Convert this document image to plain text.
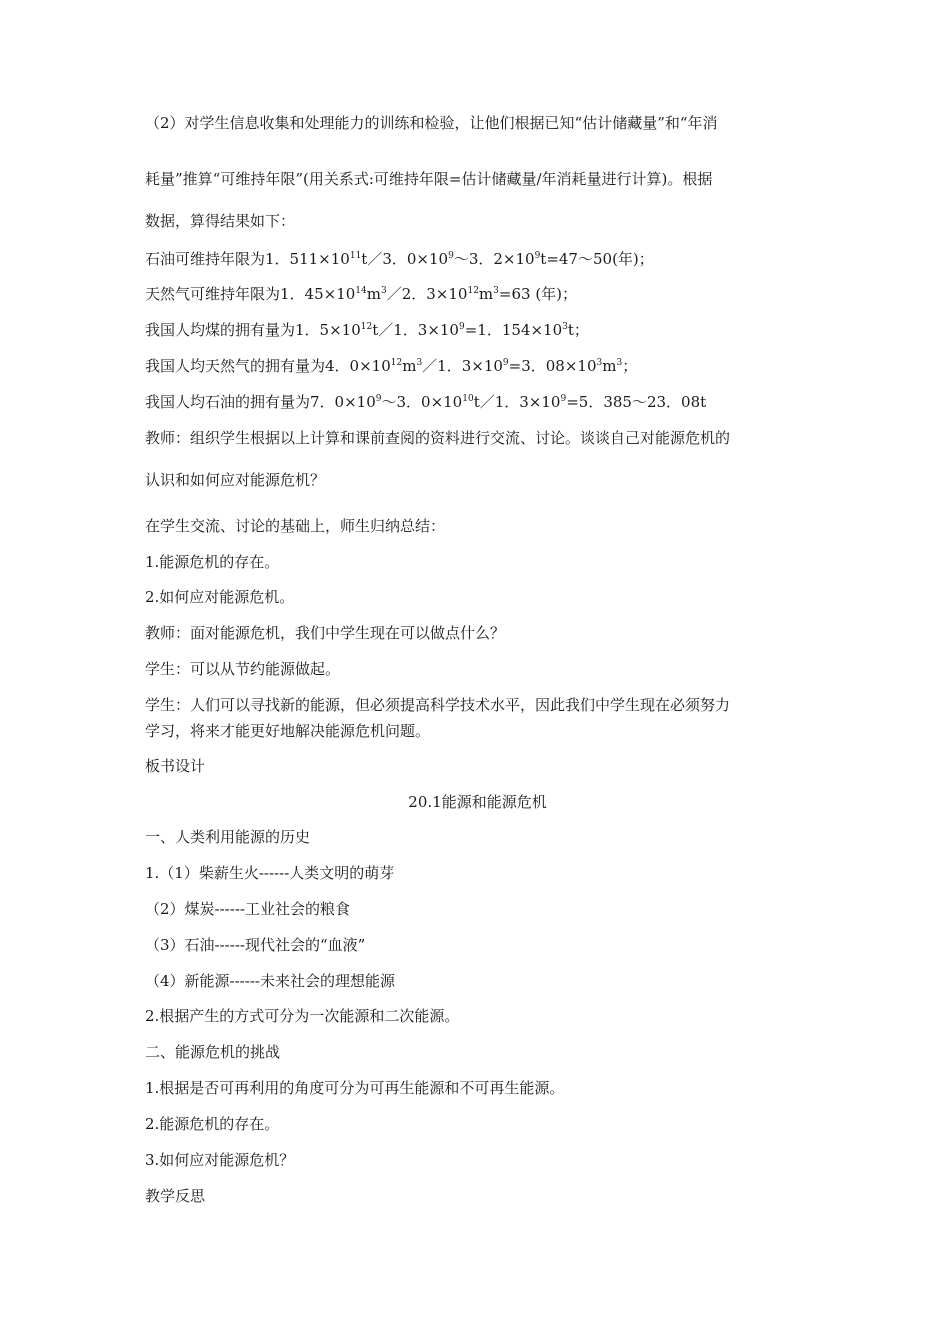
（2）对学生信息收集和处理能力的训练和检验，让他们根据已知“估计储藏量”和“年消

耗量”推算“可维持年限”(用关系式:可维持年限=估计储藏量/年消耗量进行计算)。根据

数据，算得结果如下：

石油可维持年限为1．$511\times 10^{11}t/3$．$0\times 10^9\sim 3$．$2\times 10^9t=47\sim 50$(年)；

天然气可维持年限为1．$45\times 10^{14}m^3/2$．$3\times 10^{12}m^3=63$ (年)；

我国人均煤的拥有量为1．$5\times 10^{12}t/1$．$3\times 10^9=1$．$154\times 10^3t$；

我国人均天然气的拥有量为4．$0\times 10^{12}m^3/1$．$3\times 10^9=3$．$08\times 10^3m^3$；

我国人均石油的拥有量为7．$0\times 10^9\sim 3$．$0\times 10^{10}t/1$．$3\times 10^9=5$．385～23．08t

教师：组织学生根据以上计算和课前查阅的资料进行交流、讨论。谈谈自己对能源危机的

认识和如何应对能源危机？

在学生交流、讨论的基础上，师生归纳总结：

1.能源危机的存在。

2.如何应对能源危机。

教师：面对能源危机，我们中学生现在可以做点什么？

学生：可以从节约能源做起。

学生：人们可以寻找新的能源，但必须提高科学技术水平，因此我们中学生现在必须努力

学习，将来才能更好地解决能源危机问题。

板书设计

20.1能源和能源危机

一、人类利用能源的历史

1.（1）柴薪生火------人类文明的萌芽

（2）煤炭------工业社会的粮食

（3）石油------现代社会的“血液”

（4）新能源------未来社会的理想能源

2.根据产生的方式可分为一次能源和二次能源。

二、能源危机的挑战

1.根据是否可再利用的角度可分为可再生能源和不可再生能源。

2.能源危机的存在。

3.如何应对能源危机？

教学反思
